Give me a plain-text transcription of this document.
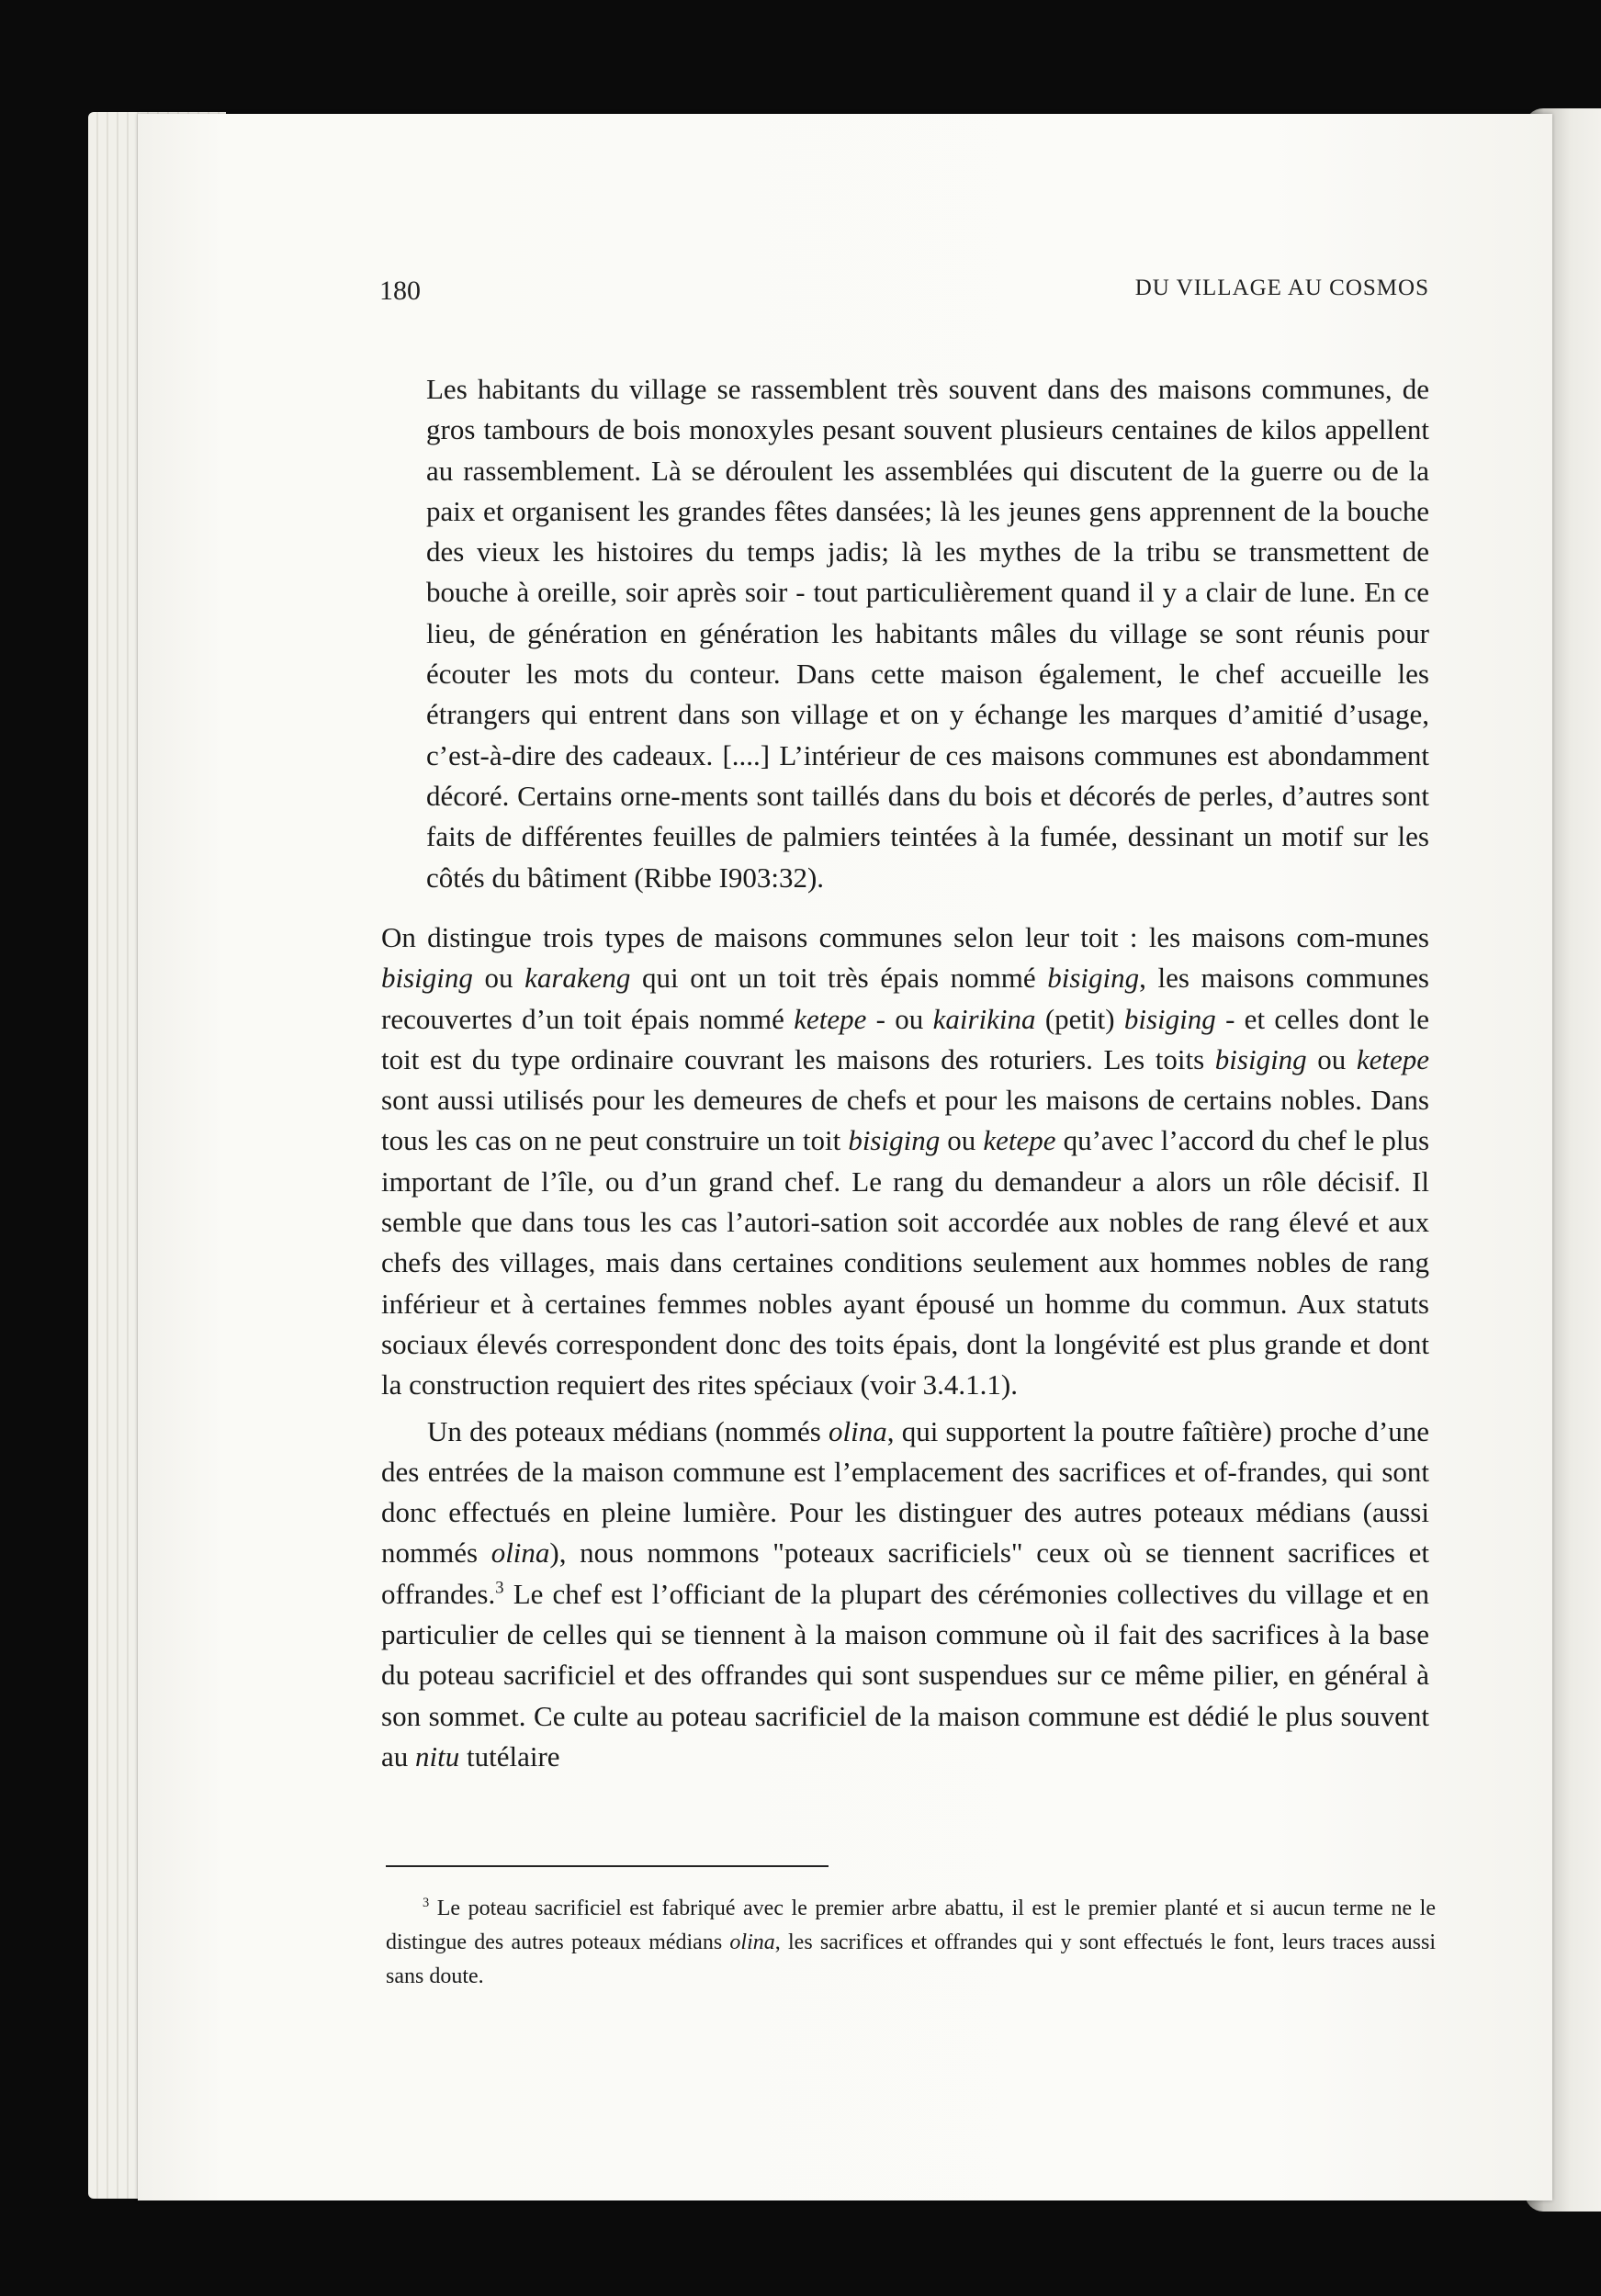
180	DU VILLAGE AU COSMOS

Les habitants du village se rassemblent très souvent dans des maisons communes, de gros tambours de bois monoxyles pesant souvent plusieurs centaines de kilos appellent au rassemblement. Là se déroulent les assemblées qui discutent de la guerre ou de la paix et organisent les grandes fêtes dansées; là les jeunes gens apprennent de la bouche des vieux les histoires du temps jadis; là les mythes de la tribu se transmettent de bouche à oreille, soir après soir - tout particulièrement quand il y a clair de lune. En ce lieu, de génération en génération les habitants mâles du village se sont réunis pour écouter les mots du conteur. Dans cette maison également, le chef accueille les étrangers qui entrent dans son village et on y échange les marques d’amitié d’usage, c’est-à-dire des cadeaux. [....] L’intérieur de ces maisons communes est abondamment décoré. Certains orne-ments sont taillés dans du bois et décorés de perles, d’autres sont faits de différentes feuilles de palmiers teintées à la fumée, dessinant un motif sur les côtés du bâtiment (Ribbe I903:32).

On distingue trois types de maisons communes selon leur toit : les maisons com-munes bisiging ou karakeng qui ont un toit très épais nommé bisiging, les maisons communes recouvertes d’un toit épais nommé ketepe - ou kairikina (petit) bisiging - et celles dont le toit est du type ordinaire couvrant les maisons des roturiers. Les toits bisiging ou ketepe sont aussi utilisés pour les demeures de chefs et pour les maisons de certains nobles. Dans tous les cas on ne peut construire un toit bisiging ou ketepe qu’avec l’accord du chef le plus important de l’île, ou d’un grand chef. Le rang du demandeur a alors un rôle décisif. Il semble que dans tous les cas l’autori-sation soit accordée aux nobles de rang élevé et aux chefs des villages, mais dans certaines conditions seulement aux hommes nobles de rang inférieur et à certaines femmes nobles ayant épousé un homme du commun. Aux statuts sociaux élevés correspondent donc des toits épais, dont la longévité est plus grande et dont la construction requiert des rites spéciaux (voir 3.4.1.1).

Un des poteaux médians (nommés olina, qui supportent la poutre faîtière) proche d’une des entrées de la maison commune est l’emplacement des sacrifices et of-frandes, qui sont donc effectués en pleine lumière. Pour les distinguer des autres poteaux médians (aussi nommés olina), nous nommons "poteaux sacrificiels" ceux où se tiennent sacrifices et offrandes.$^3$ Le chef est l’officiant de la plupart des cérémonies collectives du village et en particulier de celles qui se tiennent à la maison commune où il fait des sacrifices à la base du poteau sacrificiel et des offrandes qui sont suspendues sur ce même pilier, en général à son sommet. Ce culte au poteau sacrificiel de la maison commune est dédié le plus souvent au nitu tutélaire

$^3$ Le poteau sacrificiel est fabriqué avec le premier arbre abattu, il est le premier planté et si aucun terme ne le distingue des autres poteaux médians olina, les sacrifices et offrandes qui y sont effectués le font, leurs traces aussi sans doute.
